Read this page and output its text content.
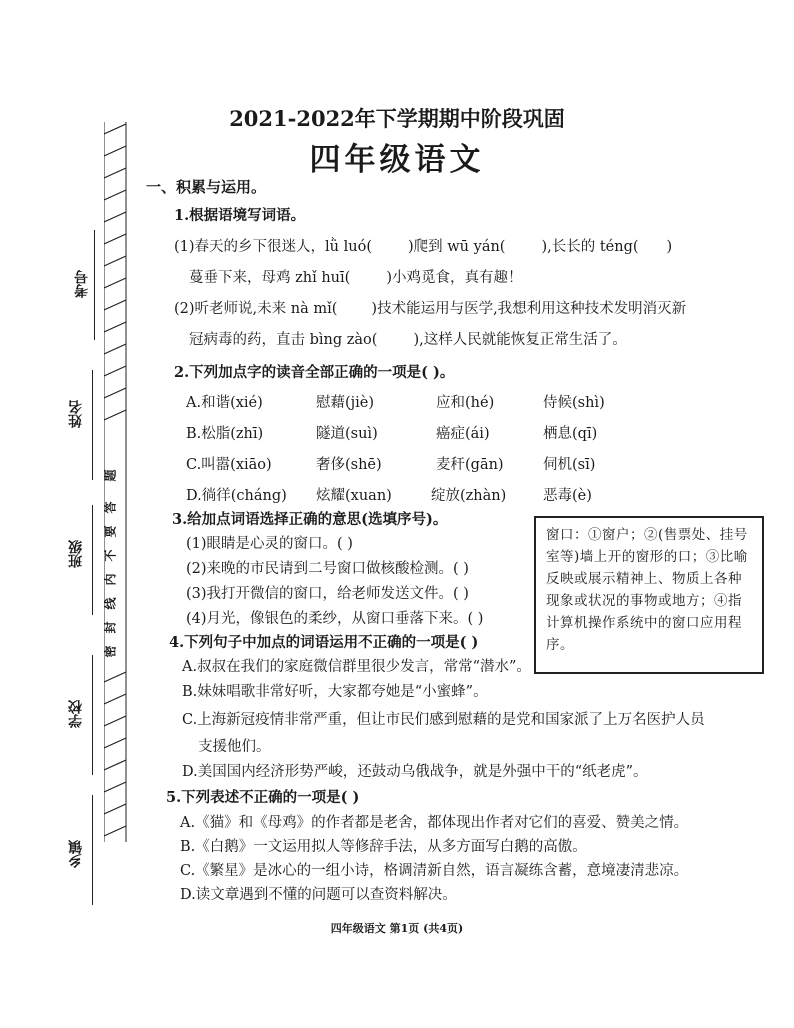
考号
姓名
班级
学校
乡镇
密
封
线
内
不
要
答
题
2021-2022年下学期期中阶段巩固
四年级语文
一、积累与运用。
1.根据语境写词语。
(1)春天的乡下很迷人，lǜ luó( )爬到 wū yán( ),长长的 téng( )
蔓垂下来，母鸡 zhǐ huī( )小鸡觅食，真有趣！
(2)听老师说,未来 nà mǐ( )技术能运用与医学,我想利用这种技术发明消灭新
冠病毒的药，直击 bìng zào( ),这样人民就能恢复正常生活了。
2.下列加点字的读音全部正确的一项是( )。
A.和谐(xié)	慰藉(jiè)	应和(hé)	侍候(shì)
B.松脂(zhī)	隧道(suì)	癌症(ái)	栖息(qī)
C.叫嚣(xiāo)	奢侈(shē)	麦秆(gān)	伺机(sī)
D.徜徉(cháng) 炫耀(xuan)	绽放(zhàn)	恶毒(è)
3.给加点词语选择正确的意思(选填序号)。
(1)眼睛是心灵的窗口。( )
(2)来晚的市民请到二号窗口做核酸检测。( )
(3)我打开微信的窗口，给老师发送文件。( )
(4)月光，像银色的柔纱，从窗口垂落下来。( )
窗口：①窗户；②(售票处、挂号室等)墙上开的窗形的口；③比喻反映或展示精神上、物质上各种现象或状况的事物或地方；④指计算机操作系统中的窗口应用程序。
4.下列句子中加点的词语运用不正确的一项是( )
A.叔叔在我们的家庭微信群里很少发言，常常“潜水”。
B.妹妹唱歌非常好听，大家都夸她是“小蜜蜂”。
C.上海新冠疫情非常严重，但让市民们感到慰藉的是党和国家派了上万名医护人员
支援他们。
D.美国国内经济形势严峻，还鼓动乌俄战争，就是外强中干的“纸老虎”。
5.下列表述不正确的一项是( )
A.《猫》和《母鸡》的作者都是老舍，都体现出作者对它们的喜爱、赞美之情。
B.《白鹅》一文运用拟人等修辞手法，从多方面写白鹅的高傲。
C.《繁星》是冰心的一组小诗，格调清新自然，语言凝练含蓄，意境凄清悲凉。
D.读文章遇到不懂的问题可以查资料解决。
四年级语文 第1页 (共4页)
